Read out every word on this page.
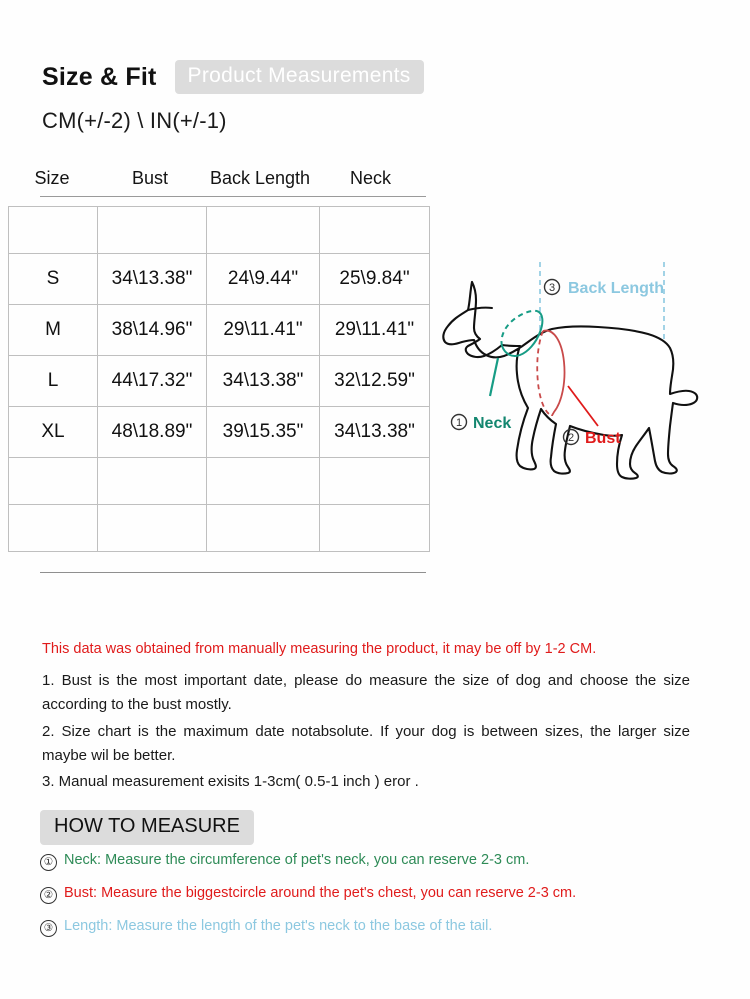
Size & Fit	Product Measurements
CM(+/-2) \ IN(+/-1)
Size	Bust	Back Length	Neck

S	34\13.38"	24\9.44"	25\9.84"
M	38\14.96"	29\11.41"	29\11.41"
L	44\17.32"	34\13.38"	32\12.59"
XL	48\18.89"	39\15.35"	34\13.38"

3 Back Length
1 Neck
2 Bust
This data was obtained from manually measuring the product, it may be off by 1-2 CM.

1. Bust is the most important date, please do measure the size of dog and choose the size according to the bust mostly.

2. Size chart is the maximum date notabsolute. If your dog is between sizes, the larger size maybe wil be better.

3. Manual measurement exisits 1-3cm( 0.5-1 inch ) eror .

HOW TO MEASURE
① Neck: Measure the circumference of pet's neck, you can reserve 2-3 cm.
② Bust: Measure the biggestcircle around the pet's chest, you can reserve 2-3 cm.
③ Length: Measure the length of the pet's neck to the base of the tail.
